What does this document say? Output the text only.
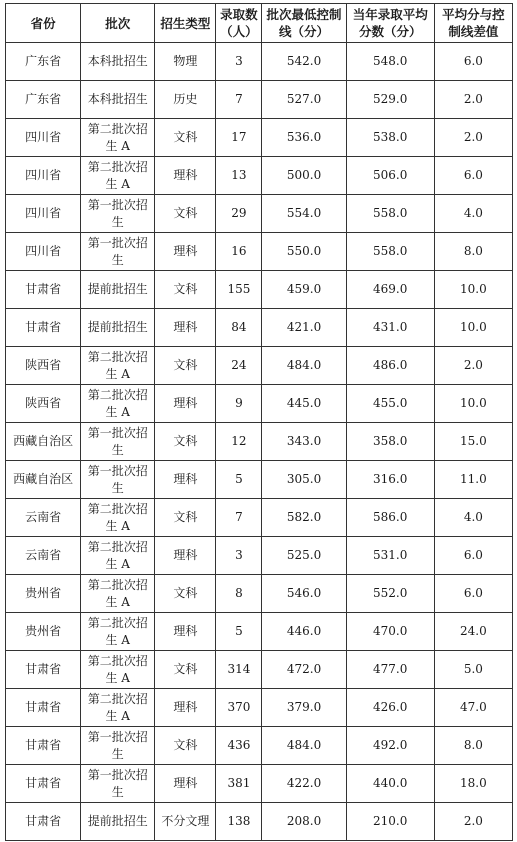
省份	批次	招生类型	录取数（人）	批次最低控制线（分）	当年录取平均分数（分）	平均分与控制线差值
广东省	本科批招生	物理	3	542.0	548.0	6.0
广东省	本科批招生	历史	7	527.0	529.0	2.0
四川省	第二批次招生 A	文科	17	536.0	538.0	2.0
四川省	第二批次招生 A	理科	13	500.0	506.0	6.0
四川省	第一批次招生	文科	29	554.0	558.0	4.0
四川省	第一批次招生	理科	16	550.0	558.0	8.0
甘肃省	提前批招生	文科	155	459.0	469.0	10.0
甘肃省	提前批招生	理科	84	421.0	431.0	10.0
陕西省	第二批次招生 A	文科	24	484.0	486.0	2.0
陕西省	第二批次招生 A	理科	9	445.0	455.0	10.0
西藏自治区	第一批次招生	文科	12	343.0	358.0	15.0
西藏自治区	第一批次招生	理科	5	305.0	316.0	11.0
云南省	第二批次招生 A	文科	7	582.0	586.0	4.0
云南省	第二批次招生 A	理科	3	525.0	531.0	6.0
贵州省	第二批次招生 A	文科	8	546.0	552.0	6.0
贵州省	第二批次招生 A	理科	5	446.0	470.0	24.0
甘肃省	第二批次招生 A	文科	314	472.0	477.0	5.0
甘肃省	第二批次招生 A	理科	370	379.0	426.0	47.0
甘肃省	第一批次招生	文科	436	484.0	492.0	8.0
甘肃省	第一批次招生	理科	381	422.0	440.0	18.0
甘肃省	提前批招生	不分文理	138	208.0	210.0	2.0
